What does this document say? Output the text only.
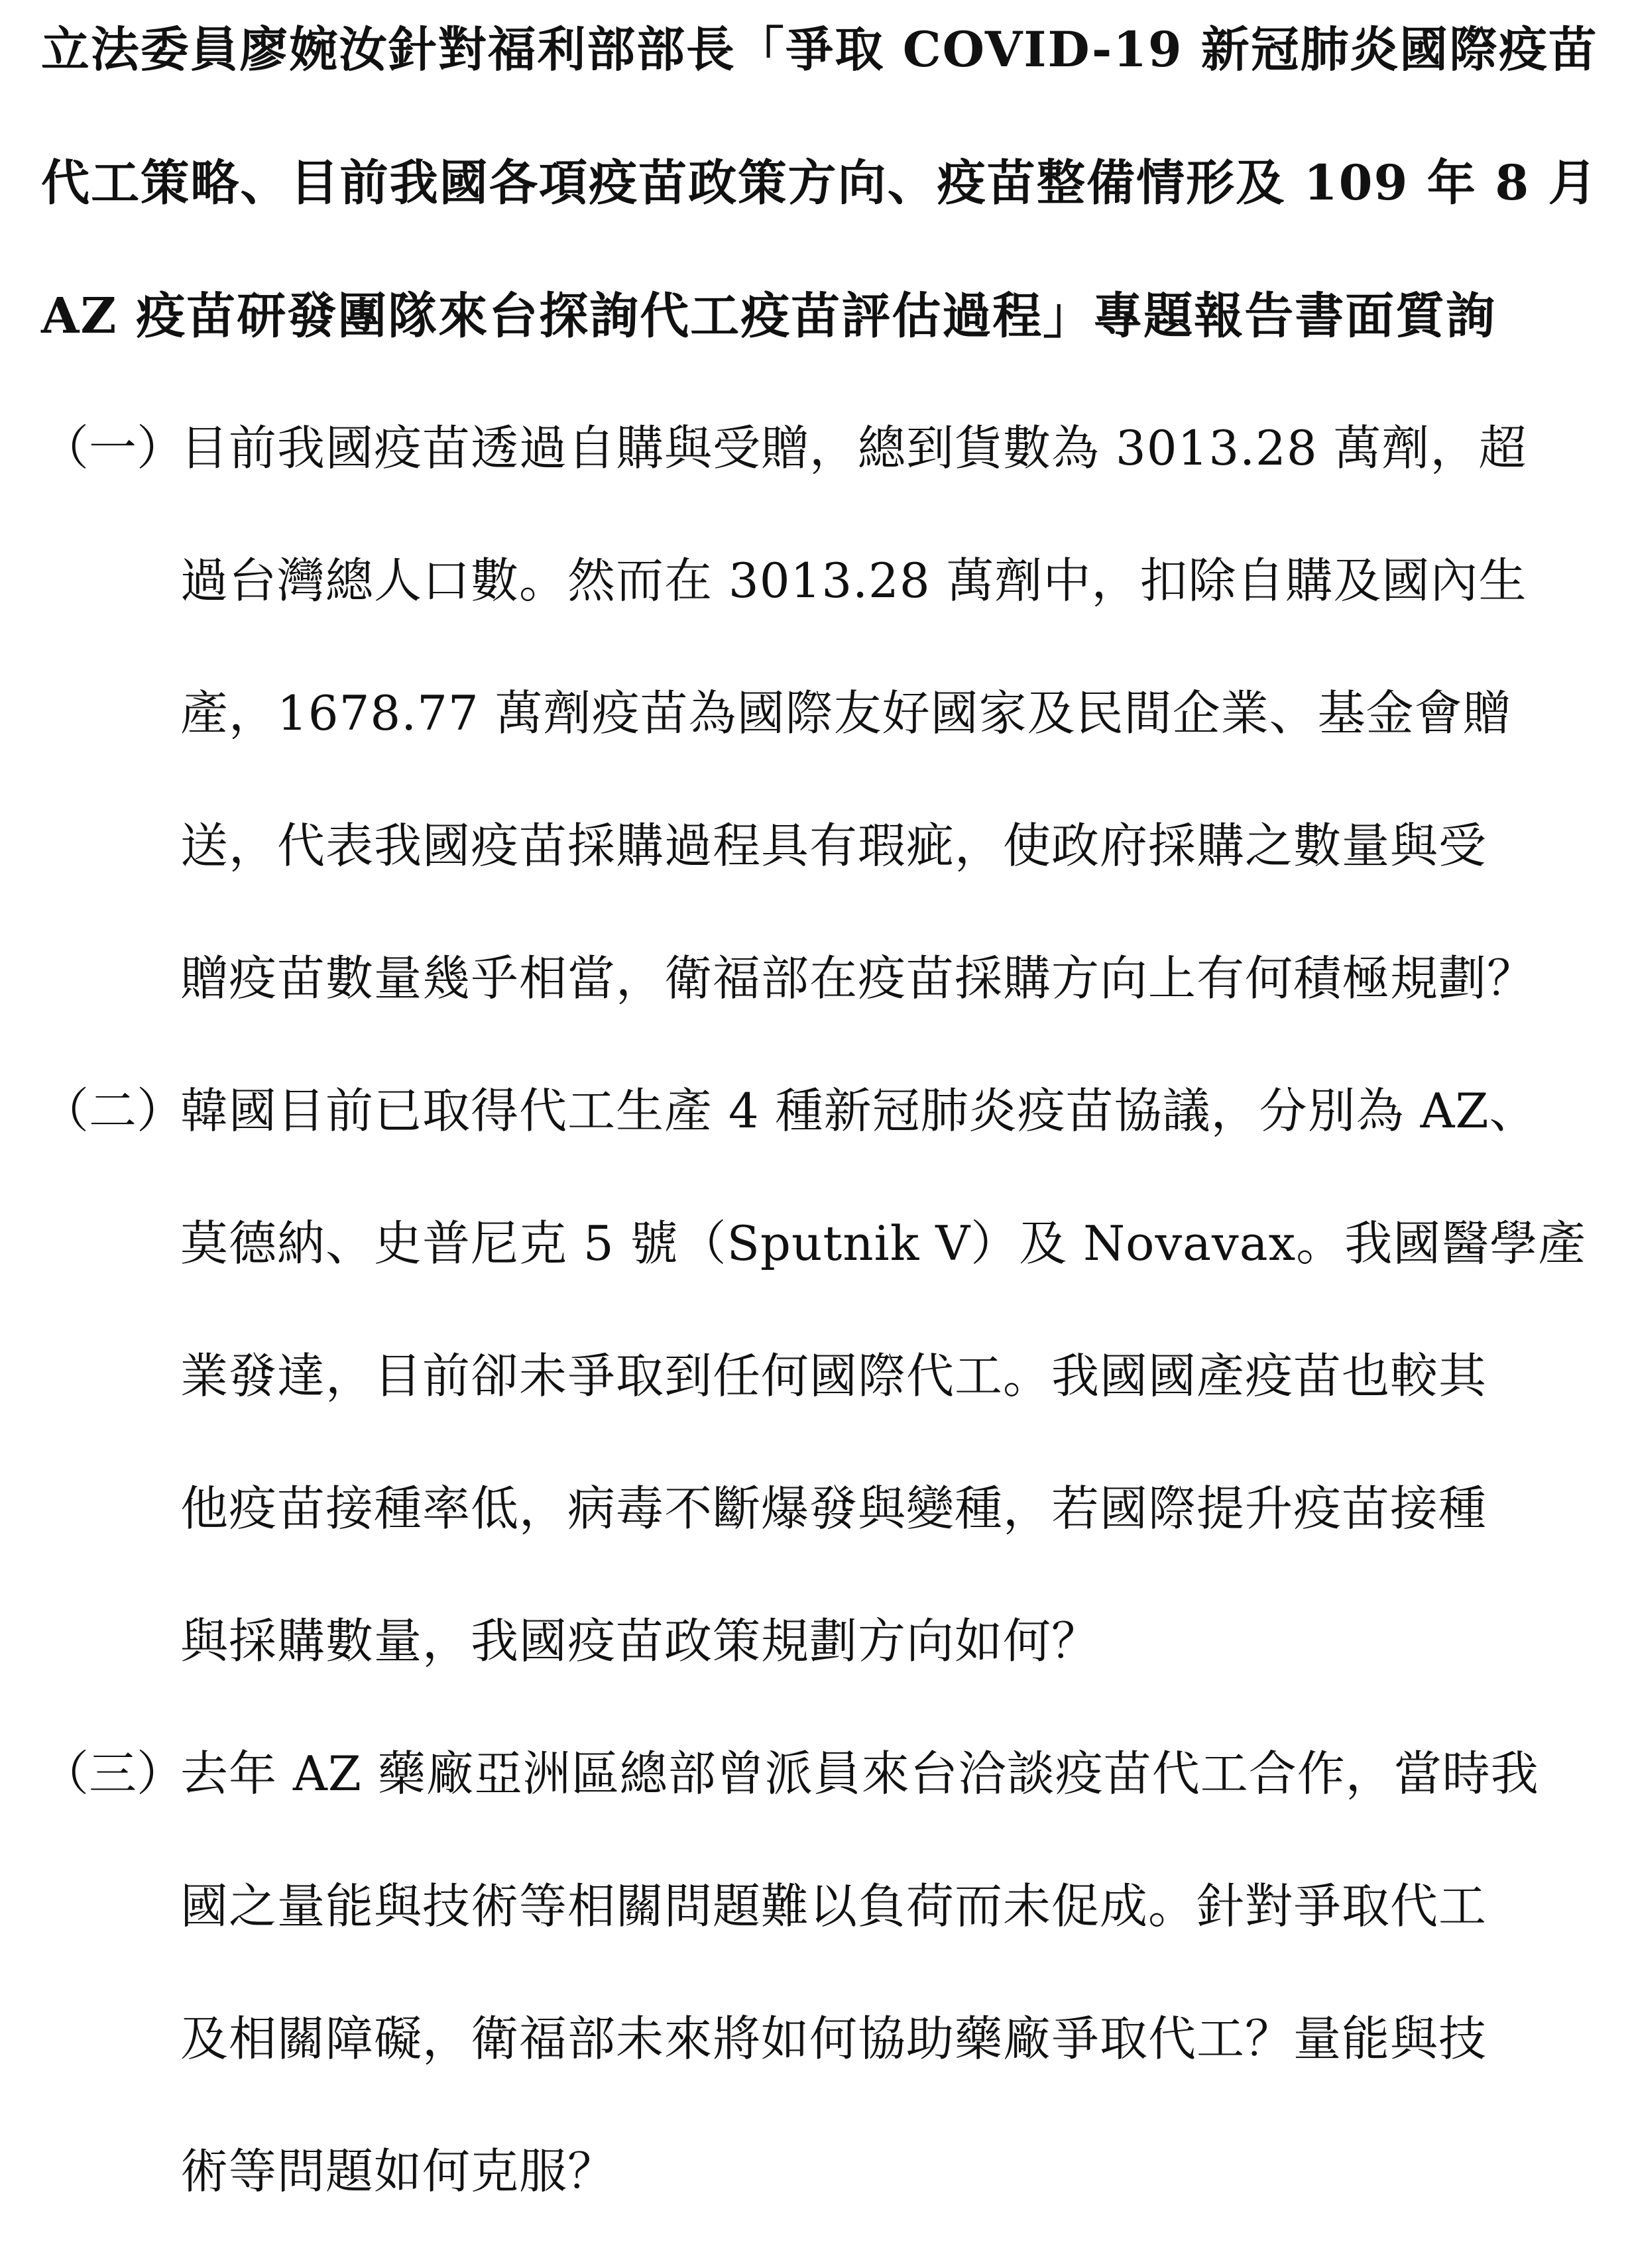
立法委員廖婉汝針對福利部部長「爭取 COVID-19 新冠肺炎國際疫苗
代工策略、目前我國各項疫苗政策方向、疫苗整備情形及 109 年 8 月
AZ 疫苗研發團隊來台探詢代工疫苗評估過程」專題報告書面質詢
（一）
目前我國疫苗透過自購與受贈，總到貨數為 3013.28 萬劑，超
過台灣總人口數。然而在 3013.28 萬劑中，扣除自購及國內生
產，1678.77 萬劑疫苗為國際友好國家及民間企業、基金會贈
送，代表我國疫苗採購過程具有瑕疵，使政府採購之數量與受
贈疫苗數量幾乎相當，衛福部在疫苗採購方向上有何積極規劃？
（二）
韓國目前已取得代工生產 4 種新冠肺炎疫苗協議，分別為 AZ、
莫德納、史普尼克 5 號（Sputnik V）及 Novavax。我國醫學產
業發達，目前卻未爭取到任何國際代工。我國國產疫苗也較其
他疫苗接種率低，病毒不斷爆發與變種，若國際提升疫苗接種
與採購數量，我國疫苗政策規劃方向如何？
（三）
去年 AZ 藥廠亞洲區總部曾派員來台洽談疫苗代工合作，當時我
國之量能與技術等相關問題難以負荷而未促成。針對爭取代工
及相關障礙，衛福部未來將如何協助藥廠爭取代工？量能與技
術等問題如何克服？
